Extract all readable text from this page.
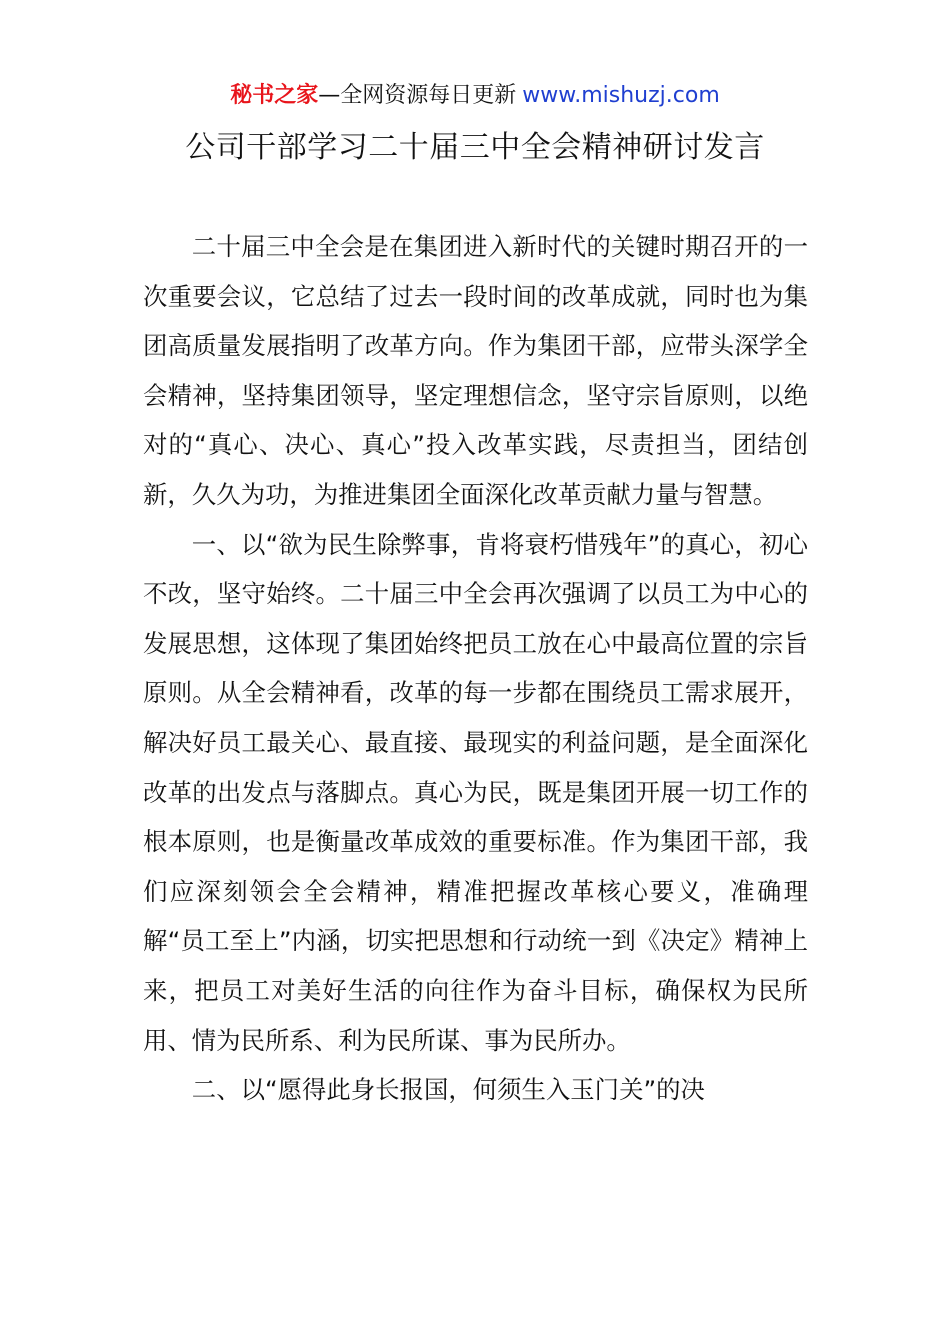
秘书之家—全网资源每日更新 www.mishuzj.com
公司干部学习二十届三中全会精神研讨发言

二十届三中全会是在集团进入新时代的关键时期召开的一次重要会议，它总结了过去一段时间的改革成就，同时也为集团高质量发展指明了改革方向。作为集团干部，应带头深学全会精神，坚持集团领导，坚定理想信念，坚守宗旨原则，以绝对的“真心、决心、真心”投入改革实践，尽责担当，团结创新，久久为功，为推进集团全面深化改革贡献力量与智慧。

一、以“欲为民生除弊事，肯将衰朽惜残年”的真心，初心不改，坚守始终。二十届三中全会再次强调了以员工为中心的发展思想，这体现了集团始终把员工放在心中最高位置的宗旨原则。从全会精神看，改革的每一步都在围绕员工需求展开，解决好员工最关心、最直接、最现实的利益问题，是全面深化改革的出发点与落脚点。真心为民，既是集团开展一切工作的根本原则，也是衡量改革成效的重要标准。作为集团干部，我们应深刻领会全会精神，精准把握改革核心要义，准确理解“员工至上”内涵，切实把思想和行动统一到《决定》精神上来，把员工对美好生活的向往作为奋斗目标，确保权为民所用、情为民所系、利为民所谋、事为民所办。

二、以“愿得此身长报国，何须生入玉门关”的决
